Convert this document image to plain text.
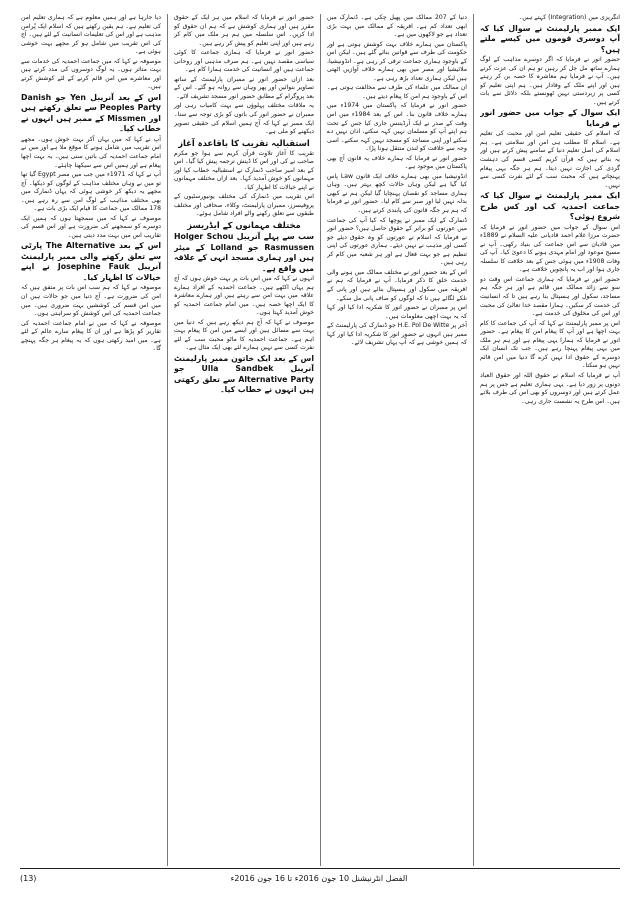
انگریزی میں (Integration) کہتے ہیں۔

ایک ممبر پارلیمنٹ نے سوال کیا کہ آپ دوسری قوموں میں کیسے ملتے ہیں؟

حضور انور نے فرمایا کہ اگر دوسرے مذاہب کے لوگ ہمارے ساتھ مل جل کر رہیں تو ہم ان کی عزت کرتے ہیں۔ آپ نے فرمایا ہم معاشرہ کا حصہ بن کر رہتے ہیں اور اپنے ملک کے وفادار ہیں۔ ہم اپنی تعلیم کو کسی پر زبردستی نہیں ٹھونستے بلکہ دلائل سے بات کرتے ہیں۔

ایک سوال کے جواب میں حضور انور نے فرمایا

کہ اسلام کی حقیقی تعلیم امن اور محبت کی تعلیم ہے۔ اسلام کا مطلب ہی امن اور سلامتی ہے۔ ہم اسلام کی اصل تعلیم دنیا کے سامنے پیش کرتے ہیں اور یہ بتاتے ہیں کہ قرآن کریم کسی قسم کی دہشت گردی کی اجازت نہیں دیتا۔ ہم ہر جگہ یہی پیغام پہنچاتے ہیں کہ محبت سب کے لئے نفرت کسی سے نہیں۔

ایک ممبر پارلیمنٹ نے سوال کیا کہ جماعت احمدیہ کب اور کس طرح شروع ہوئی؟

اس سوال کے جواب میں حضور انور نے فرمایا کہ حضرت مرزا غلام احمد قادیانی علیہ السلام نے 1889ء میں قادیان سے اس جماعت کی بنیاد رکھی۔ آپ نے مسیح موعود اور امام مہدی ہونے کا دعویٰ کیا۔ آپ کی وفات 1908ء میں ہوئی جس کے بعد خلافت کا سلسلہ جاری ہوا اور اب یہ پانچویں خلافت ہے۔

حضور انور نے فرمایا کہ ہماری جماعت اس وقت دو سو سے زائد ممالک میں قائم ہے اور ہر جگہ ہم مساجد، سکول اور ہسپتال بنا رہے ہیں تا کہ انسانیت کی خدمت کر سکیں۔ ہمارا مقصد خدا تعالیٰ کی محبت اور اس کی مخلوق کی خدمت ہے۔

اس پر ممبر پارلیمنٹ نے کہا کہ آپ کی جماعت کا کام بہت اچھا ہے اور آپ کا پیغام امن کا پیغام ہے۔ حضور انور نے فرمایا کہ ہمارا یہی پیغام ہے اور ہم ہر ملک میں یہی پیغام پہنچا رہے ہیں۔ جب تک انسان ایک دوسرے کے حقوق ادا نہیں کرے گا دنیا میں امن قائم نہیں ہو سکتا۔

آپ نے فرمایا کہ اسلام نے حقوق اللہ اور حقوق العباد دونوں پر زور دیا ہے۔ یہی ہماری تعلیم ہے جس پر ہم عمل کرتے ہیں اور دوسروں کو بھی اس کی طرف بلاتے ہیں۔ اس طرح یہ نشست جاری رہی۔

دنیا کے 207 ممالک میں پھیل چکی ہے۔ ڈنمارک میں ابھی تعداد کم ہے۔ افریقہ کے ممالک میں بہت بڑی تعداد ہے جو لاکھوں میں ہے۔

پاکستان میں ہمارے خلاف بہت کوشش ہوتی ہے اور حکومت کی طرف سے قوانین بنائے گئے ہیں۔ لیکن اس کے باوجود ہماری جماعت ترقی کر رہی ہے۔ انڈونیشیا، ملائیشیا اور مصر میں بھی ہمارے خلاف آوازیں اٹھتی ہیں لیکن ہماری تعداد بڑھ رہی ہے۔

ان ممالک میں علماء کی طرف سے مخالفت ہوتی ہے۔ اس کے باوجود ہم امن کا پیغام دیتے ہیں۔

حضور انور نے فرمایا کہ پاکستان میں 1974ء میں ہمارے خلاف قانون بنا۔ اس کے بعد 1984ء میں اس وقت کے صدر نے ایک آرڈیننس جاری کیا جس کے تحت ہم اپنے آپ کو مسلمان نہیں کہہ سکتے، اذان نہیں دے سکتے اور اپنی مساجد کو مسجد نہیں کہہ سکتے۔ اسی وجہ سے خلافت کو لندن منتقل ہونا پڑا۔

حضور انور نے فرمایا کہ ہمارے خلاف یہ قانون آج بھی پاکستان میں موجود ہے۔

انڈونیشیا میں بھی ہمارے خلاف ایک قانون Law پاس کیا گیا ہے لیکن وہاں حالات کچھ بہتر ہیں۔ وہاں ہماری مساجد کو نقصان پہنچایا گیا لیکن ہم نے کبھی بدلہ نہیں لیا اور صبر سے کام لیا۔ حضور انور نے فرمایا کہ ہم ہر جگہ قانون کی پابندی کرتے ہیں۔

ڈنمارک کے ایک ممبر نے پوچھا کہ کیا آپ کی جماعت میں عورتوں کو برابر کے حقوق حاصل ہیں؟ حضور انور نے فرمایا کہ اسلام نے عورتوں کو وہ حقوق دیئے جو کسی اور مذہب نے نہیں دیئے۔ ہماری عورتوں کی اپنی تنظیم ہے جو بہت فعال ہے اور ہر شعبہ میں کام کر رہی ہیں۔

اس کے بعد حضور انور نے مختلف ممالک میں ہونے والی خدمت خلق کا ذکر فرمایا۔ آپ نے فرمایا کہ ہم نے افریقہ میں سکول اور ہسپتال بنائے ہیں اور پانی کے نلکے لگائے ہیں تا کہ لوگوں کو صاف پانی مل سکے۔

اس پر ممبران نے حضور انور کا شکریہ ادا کیا اور کہا کہ یہ بہت اچھی معلومات ہیں۔

آخر پر H.E. Pol De Witte جو ڈنمارک کی پارلیمنٹ کے ممبر ہیں انہوں نے حضور انور کا شکریہ ادا کیا اور کہا کہ ہمیں خوشی ہے کہ آپ یہاں تشریف لائے۔

حضور انور نے فرمایا کہ اسلام میں ہر ایک کے حقوق مقرر ہیں اور ہماری کوشش ہے کہ ہم ان حقوق کو ادا کریں۔ اس سلسلہ میں ہم ہر ملک میں کام کر رہے ہیں اور اپنی تعلیم کو پیش کر رہے ہیں۔

حضور انور نے فرمایا کہ ہماری جماعت کا کوئی سیاسی مقصد نہیں ہے۔ ہم صرف مذہبی اور روحانی جماعت ہیں اور انسانیت کی خدمت ہمارا کام ہے۔

بعد ازاں حضور انور نے ممبران پارلیمنٹ کے ساتھ تصاویر بنوائیں اور پھر وہاں سے روانہ ہو گئے۔ اس کے بعد پروگرام کے مطابق حضور انور مسجد تشریف لائے۔

یہ ملاقات مختلف پہلوؤں سے بہت کامیاب رہی اور ممبران نے حضور انور کی باتوں کو بڑی توجہ سے سنا۔ ایک ممبر نے کہا کہ آج ہمیں اسلام کی حقیقی تصویر دیکھنے کو ملی ہے۔

استقبالیہ تقریب کا باقاعدہ آغاز

تقریب کا آغاز تلاوت قرآن کریم سے ہوا جو مکرم صاحب نے کی اور اس کا ڈینش ترجمہ پیش کیا گیا۔ اس کے بعد امیر صاحب ڈنمارک نے استقبالیہ خطاب کیا اور مہمانوں کو خوش آمدید کہا۔ بعد ازاں مختلف مہمانوں نے اپنے خیالات کا اظہار کیا۔

اس تقریب میں ڈنمارک کی مختلف یونیورسٹیوں کے پروفیسرز، ممبران پارلیمنٹ، وکلاء، صحافی اور مختلف طبقوں سے تعلق رکھنے والے افراد شامل ہوئے۔

مختلف مہمانوں کے ایڈریسز

سب سے پہلے آنریبل Holger Schou Rasmussen جو Lolland کے میئر ہیں اور ہماری مسجد انہی کے علاقہ میں واقع ہے۔

انہوں نے کہا کہ میں اس بات پر بہت خوش ہوں کہ آج ہم یہاں اکٹھے ہیں۔ جماعت احمدیہ کے افراد ہمارے علاقہ میں بہت امن سے رہتے ہیں اور ہمارے معاشرہ کا ایک اچھا حصہ ہیں۔ میں امام جماعت احمدیہ کو خوش آمدید کہتا ہوں۔

موصوف نے کہا کہ آج ہم دیکھ رہے ہیں کہ دنیا میں بہت سے مسائل ہیں اور ایسے میں امن کا پیغام بہت اہم ہے۔ جماعت احمدیہ کا ماٹو محبت سب کے لئے نفرت کسی سے نہیں ہمارے لئے بھی ایک مثال ہے۔

اس کے بعد ایک خاتون ممبر پارلیمنٹ آنریبل Ulla Sandbek جو Alternative Party سے تعلق رکھتی ہیں انہوں نے خطاب کیا۔

دیا جارہا ہے اور ہمیں معلوم ہے کہ ہماری تعلیم امن کی تعلیم ہے۔ ہم یقین رکھتے ہیں کہ اسلام ایک پُرامن مذہب ہے اور اس کی تعلیمات انسانیت کے لئے ہیں۔ آج کی اس تقریب میں شامل ہو کر مجھے بہت خوشی ہوئی ہے۔

موصوفہ نے کہا کہ میں جماعت احمدیہ کی خدمات سے بہت متاثر ہوں۔ یہ لوگ دوسروں کی مدد کرتے ہیں اور معاشرے میں امن قائم کرنے کے لئے کوشش کرتے ہیں۔

اس کے بعد آنریبل Yen جو Danish Peoples Party سے تعلق رکھتے ہیں اور Missmen کے ممبر ہیں انہوں نے خطاب کیا۔

آپ نے کہا کہ میں یہاں آکر بہت خوش ہوں۔ مجھے اس تقریب میں شامل ہونے کا موقع ملا ہے اور میں نے امام جماعت احمدیہ کی باتیں سنی ہیں۔ یہ بہت اچھا پیغام ہے اور ہمیں اس سے سیکھنا چاہئے۔

آپ نے کہا کہ 1971ء میں جب میں مصر Egypt گیا تھا تو میں نے وہاں مختلف مذاہب کے لوگوں کو دیکھا۔ آج مجھے یہ دیکھ کر خوشی ہوئی کہ یہاں ڈنمارک میں بھی مختلف مذاہب کے لوگ امن سے رہ رہے ہیں۔ 178 ممالک میں جماعت کا قیام ایک بڑی بات ہے۔

موصوف نے کہا کہ میں سمجھتا ہوں کہ ہمیں ایک دوسرے کو سمجھنے کی ضرورت ہے اور اس قسم کی تقاریب اس میں بہت مدد دیتی ہیں۔

اس کے بعد The Alternative پارٹی سے تعلق رکھنے والی ممبر پارلیمنٹ آنریبل Josephine Fauk نے اپنے خیالات کا اظہار کیا۔

موصوفہ نے کہا کہ ہم سب اس بات پر متفق ہیں کہ امن کی ضرورت ہے۔ آج دنیا میں جو حالات ہیں ان میں اس قسم کی کوششیں بہت ضروری ہیں۔ میں جماعت احمدیہ کی اس کوشش کو سراہتی ہوں۔

موصوفہ نے کہا کہ میں نے امام جماعت احمدیہ کی تقاریر کو پڑھا ہے اور ان کا پیغام سارے عالم کے لئے ہے۔ میں امید رکھتی ہوں کہ یہ پیغام ہر جگہ پہنچے گا۔

الفضل انٹرنیشنل 10 جون 2016ء تا 16 جون 2016ء
(13)
